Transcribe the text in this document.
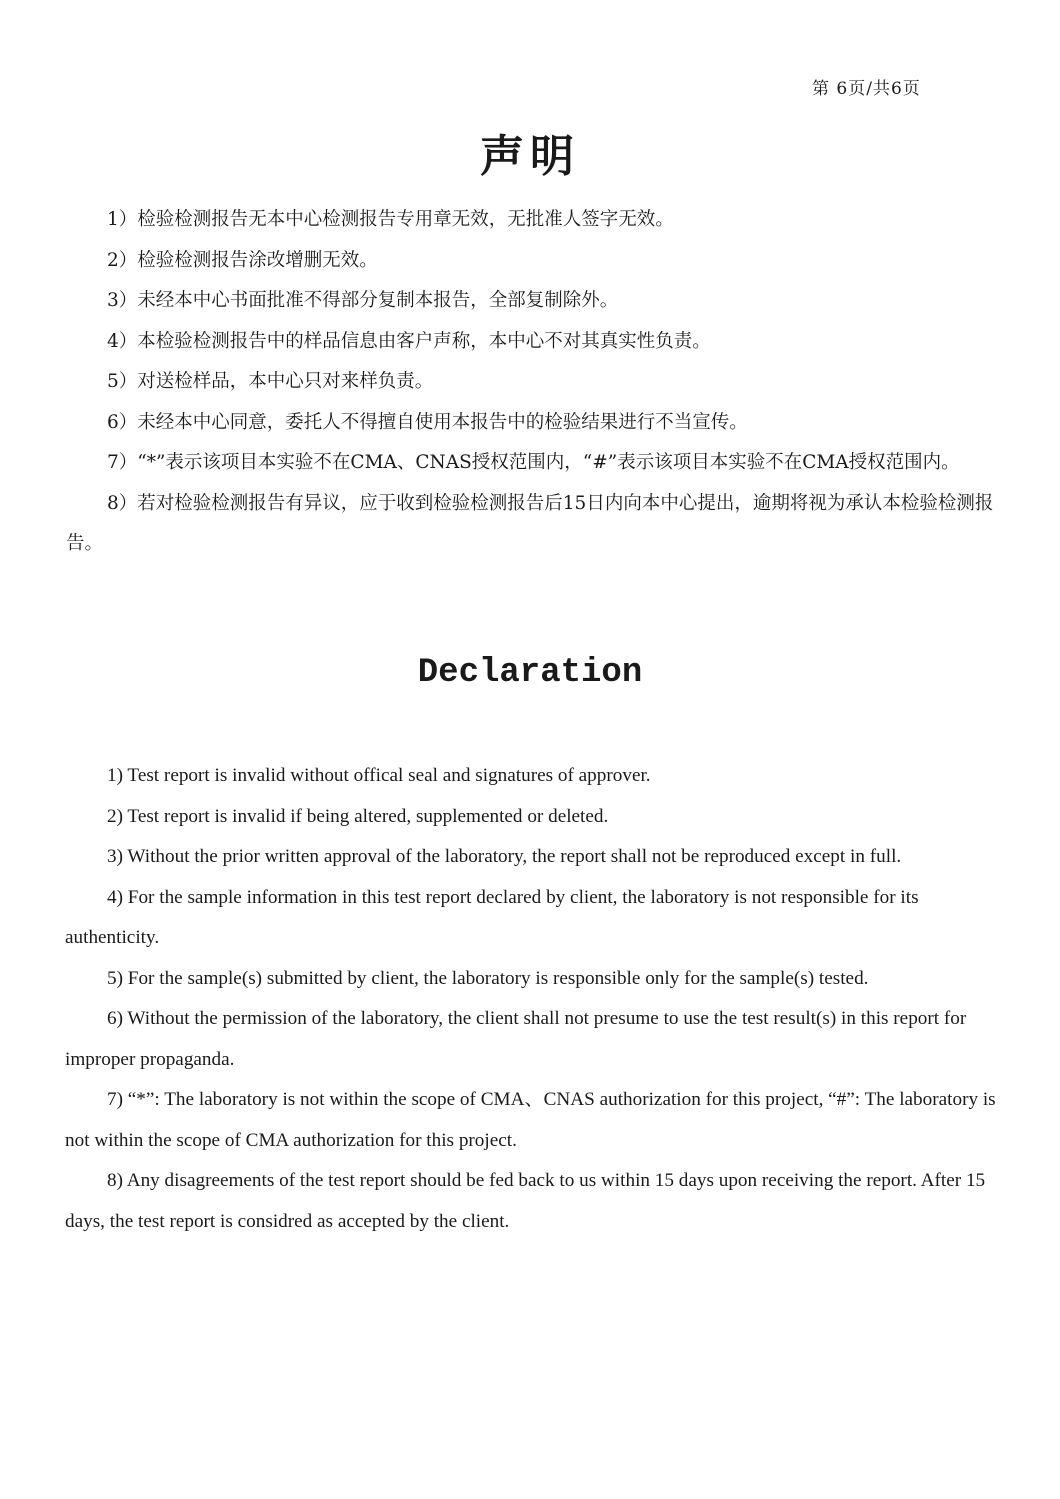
第 6页/共6页
声明

1）检验检测报告无本中心检测报告专用章无效，无批准人签字无效。

2）检验检测报告涂改增删无效。

3）未经本中心书面批准不得部分复制本报告，全部复制除外。

4）本检验检测报告中的样品信息由客户声称，本中心不对其真实性负责。

5）对送检样品，本中心只对来样负责。

6）未经本中心同意，委托人不得擅自使用本报告中的检验结果进行不当宣传。

7）“*”表示该项目本实验不在CMA、CNAS授权范围内，“#”表示该项目本实验不在CMA授权范围内。

8）若对检验检测报告有异议，应于收到检验检测报告后15日内向本中心提出，逾期将视为承认本检验检测报告。

Declaration

1) Test report is invalid without offical seal and signatures of approver.

2) Test report is invalid if being altered, supplemented or deleted.

3) Without the prior written approval of the laboratory, the report shall not be reproduced except in full.

4) For the sample information in this test report declared by client, the laboratory is not responsible for its authenticity.

5) For the sample(s) submitted by client, the laboratory is responsible only for the sample(s) tested.

6) Without the permission of the laboratory, the client shall not presume to use the test result(s) in this report for improper propaganda.

7) “*”: The laboratory is not within the scope of CMA、CNAS authorization for this project, “#”: The laboratory is not within the scope of CMA authorization for this project.

8) Any disagreements of the test report should be fed back to us within 15 days upon receiving the report. After 15 days, the test report is considred as accepted by the client.
